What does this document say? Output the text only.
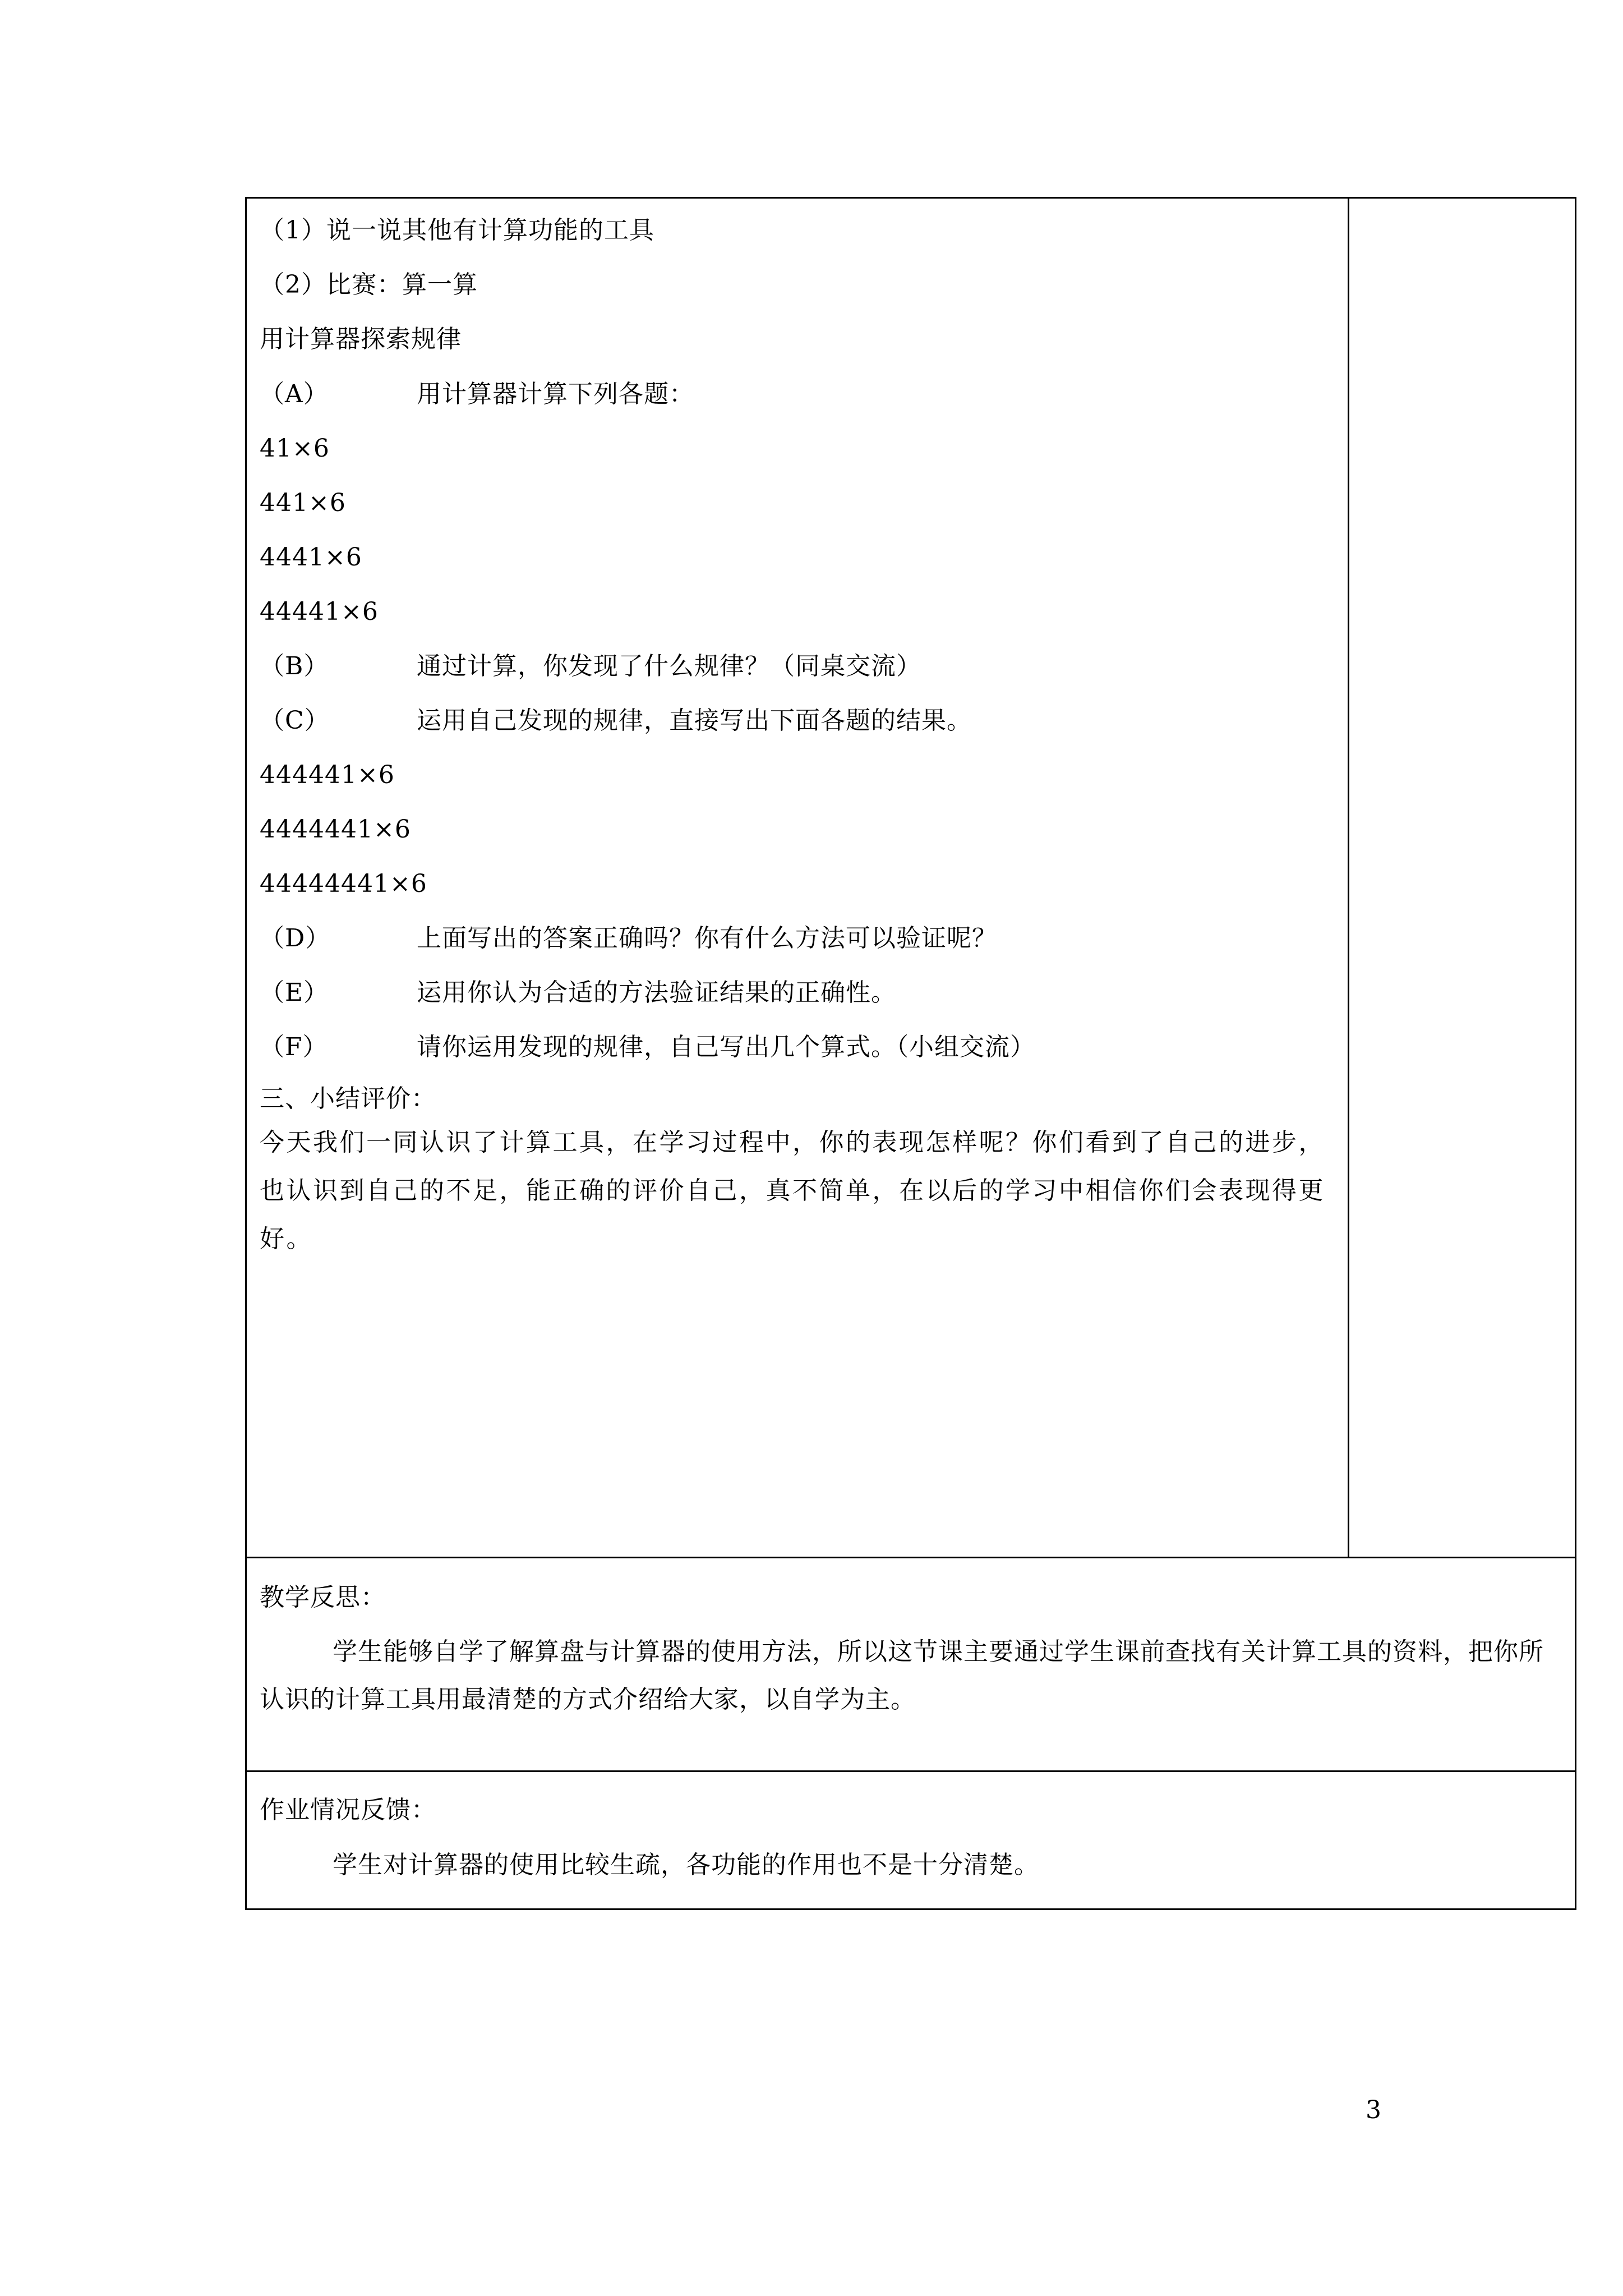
（1）说一说其他有计算功能的工具
（2）比赛：算一算
用计算器探索规律
（A）	用计算器计算下列各题：
41×6
441×6
4441×6
44441×6
（B）	通过计算，你发现了什么规律？（同桌交流）
（C）	运用自己发现的规律，直接写出下面各题的结果。
444441×6
4444441×6
44444441×6
（D）	上面写出的答案正确吗？你有什么方法可以验证呢？
（E）	运用你认为合适的方法验证结果的正确性。
（F）	请你运用发现的规律，自己写出几个算式。（小组交流）
三、小结评价：
今天我们一同认识了计算工具，在学习过程中，你的表现怎样呢？你们看到了自己的进步，也认识到自己的不足，能正确的评价自己，真不简单，在以后的学习中相信你们会表现得更好。
教学反思：
学生能够自学了解算盘与计算器的使用方法，所以这节课主要通过学生课前查找有关计算工具的资料，把你所认识的计算工具用最清楚的方式介绍给大家，以自学为主。
作业情况反馈：
学生对计算器的使用比较生疏，各功能的作用也不是十分清楚。
3
